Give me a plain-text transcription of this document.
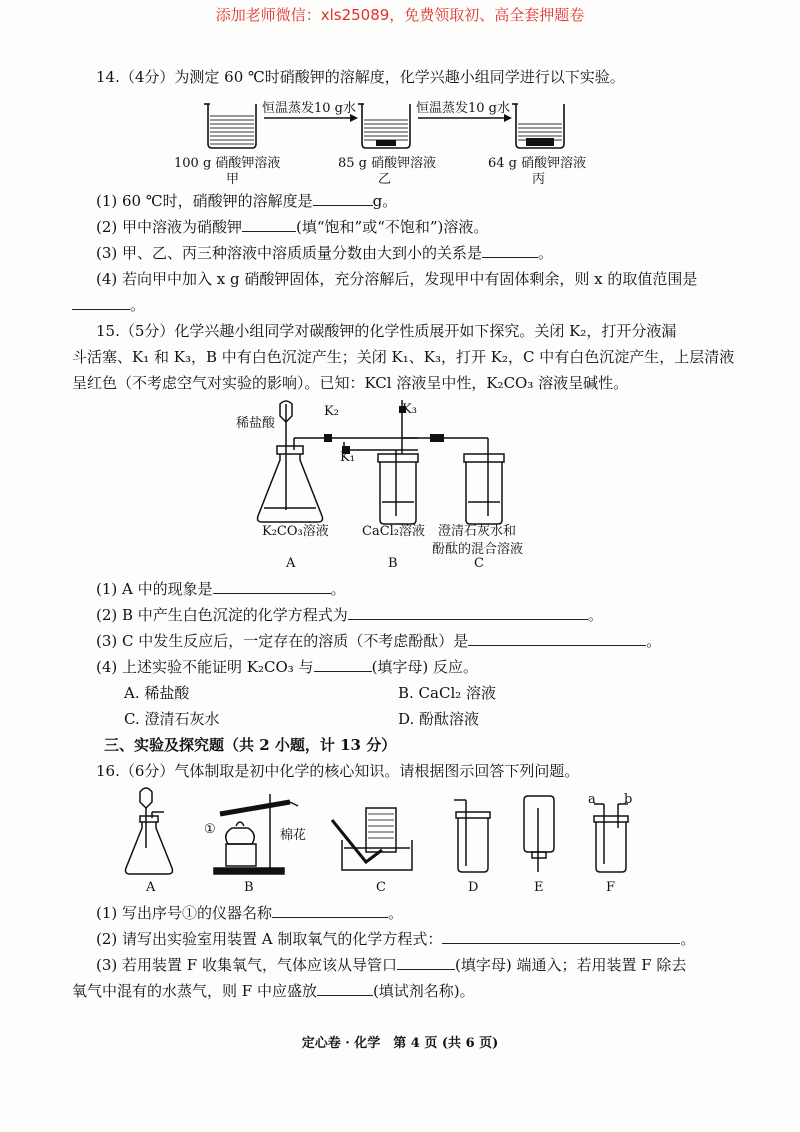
添加老师微信：xls25089，免费领取初、高全套押题卷
14.（4分）为测定 60 ℃时硝酸钾的溶解度，化学兴趣小组同学进行以下实验。
恒温蒸发10 g水	恒温蒸发10 g水
100 g 硝酸钾溶液
甲
85 g 硝酸钾溶液
乙
64 g 硝酸钾溶液
丙
(1) 60 ℃时，硝酸钾的溶解度是	g。
(2) 甲中溶液为硝酸钾	(填“饱和”或“不饱和”)溶液。
(3) 甲、乙、丙三种溶液中溶质质量分数由大到小的关系是	。
(4) 若向甲中加入 x g 硝酸钾固体，充分溶解后，发现甲中有固体剩余，则 x 的取值范围是
。
15.（5分）化学兴趣小组同学对碳酸钾的化学性质展开如下探究。关闭 K₂，打开分液漏
斗活塞、K₁ 和 K₃，B 中有白色沉淀产生；关闭 K₁、K₃，打开 K₂，C 中有白色沉淀产生，上层清液
呈红色（不考虑空气对实验的影响）。已知：KCl 溶液呈中性，K₂CO₃ 溶液呈碱性。
稀盐酸
K₂
K₁
K₃
K₂CO₃溶液	CaCl₂溶液 澄清石灰水和
酚酞的混合溶液
A	B	C
(1) A 中的现象是	。
(2) B 中产生白色沉淀的化学方程式为	。
(3) C 中发生反应后，一定存在的溶质（不考虑酚酞）是	。
(4) 上述实验不能证明 K₂CO₃ 与	(填字母) 反应。
A. 稀盐酸	B. CaCl₂ 溶液
C. 澄清石灰水	D. 酚酞溶液
三、实验及探究题（共 2 小题，计 13 分）
16.（6分）气体制取是初中化学的核心知识。请根据图示回答下列问题。
①	棉花
a b
A	B	C	D	E	F
(1) 写出序号①的仪器名称	。
(2) 请写出实验室用装置 A 制取氧气的化学方程式：	。
(3) 若用装置 F 收集氧气，气体应该从导管口	(填字母) 端通入；若用装置 F 除去
氧气中混有的水蒸气，则 F 中应盛放	(填试剂名称)。
定心卷 · 化学　第 4 页 (共 6 页)
